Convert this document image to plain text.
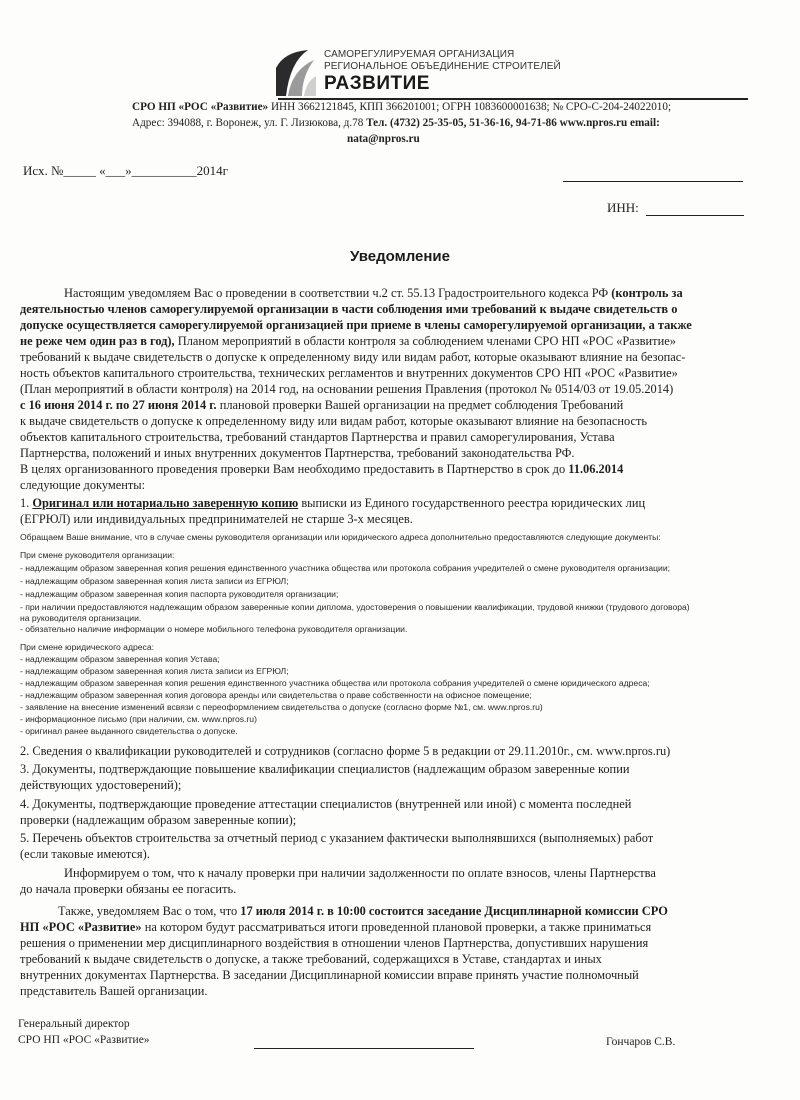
САМОРЕГУЛИРУЕМАЯ ОРГАНИЗАЦИЯ
РЕГИОНАЛЬНОЕ ОБЪЕДИНЕНИЕ СТРОИТЕЛЕЙ
РАЗВИТИЕ
СРО НП «РОС «Развитие» ИНН 3662121845, КПП 366201001; ОГРН 1083600001638; № СРО-С-204-24022010;
Адрес: 394088, г. Воронеж, ул. Г. Лизюкова, д.78 Тел. (4732) 25-35-05, 51-36-16, 94-71-86 www.npros.ru email:
nata@npros.ru
Исх. №_____ «___»__________2014г
ИНН:
Уведомление
Настоящим уведомляем Вас о проведении в соответствии ч.2 ст. 55.13 Градостроительного кодекса РФ (контроль за
деятельностью членов саморегулируемой организации в части соблюдения ими требований к выдаче свидетельств о
допуске осуществляется саморегулируемой организацией при приеме в члены саморегулируемой организации, а также
не реже чем один раз в год), Планом мероприятий в области контроля за соблюдением членами СРО НП «РОС «Развитие»
требований к выдаче свидетельств о допуске к определенному виду или видам работ, которые оказывают влияние на безопас-
ность объектов капитального строительства, технических регламентов и внутренних документов СРО НП «РОС «Развитие»
(План мероприятий в области контроля) на 2014 год, на основании решения Правления (протокол № 0514/03 от 19.05.2014)
с 16 июня 2014 г. по 27 июня 2014 г. плановой проверки Вашей организации на предмет соблюдения Требований
к выдаче свидетельств о допуске к определенному виду или видам работ, которые оказывают влияние на безопасность
объектов капитального строительства, требований стандартов Партнерства и правил саморегулирования, Устава
Партнерства, положений и иных внутренних документов Партнерства, требований законодательства РФ.
В целях организованного проведения проверки Вам необходимо предоставить в Партнерство в срок до 11.06.2014
следующие документы:
1. Оригинал или нотариально заверенную копию выписки из Единого государственного реестра юридических лиц
(ЕГРЮЛ) или индивидуальных предпринимателей не старше 3-х месяцев.
Обращаем Ваше внимание, что в случае смены руководителя организации или юридического адреса дополнительно предоставляются следующие документы:
При смене руководителя организации:
- надлежащим образом заверенная копия решения единственного участника общества или протокола собрания учредителей о смене руководителя организации;
- надлежащим образом заверенная копия листа записи из ЕГРЮЛ;
- надлежащим образом заверенная копия паспорта руководителя организации;
- при наличии предоставляются надлежащим образом заверенные копии диплома, удостоверения о повышении квалификации, трудовой книжки (трудового договора)
на руководителя организации.
- обязательно наличие информации о номере мобильного телефона руководителя организации.
При смене юридического адреса:
- надлежащим образом заверенная копия Устава;
- надлежащим образом заверенная копия листа записи из ЕГРЮЛ;
- надлежащим образом заверенная копия решения единственного участника общества или протокола собрания учредителей о смене юридического адреса;
- надлежащим образом заверенная копия договора аренды или свидетельства о праве собственности на офисное помещение;
- заявление на внесение изменений всвязи с переоформлением свидетельства о допуске (согласно форме №1, см. www.npros.ru)
- информационное письмо (при наличии, см. www.npros.ru)
- оригинал ранее выданного свидетельства о допуске.
2. Сведения о квалификации руководителей и сотрудников (согласно форме 5 в редакции от 29.11.2010г., см. www.npros.ru)
3. Документы, подтверждающие повышение квалификации специалистов (надлежащим образом заверенные копии
действующих удостоверений);
4. Документы, подтверждающие проведение аттестации специалистов (внутренней или иной) с момента последней
проверки (надлежащим образом заверенные копии);
5. Перечень объектов строительства за отчетный период с указанием фактически выполнявшихся (выполняемых) работ
(если таковые имеются).
Информируем о том, что к началу проверки при наличии задолженности по оплате взносов, члены Партнерства
до начала проверки обязаны ее погасить.
Также, уведомляем Вас о том, что 17 июля 2014 г. в 10:00 состоится заседание Дисциплинарной комиссии СРО
НП «РОС «Развитие» на котором будут рассматриваться итоги проведенной плановой проверки, а также приниматься
решения о применении мер дисциплинарного воздействия в отношении членов Партнерства, допустивших нарушения
требований к выдаче свидетельств о допуске, а также требований, содержащихся в Уставе, стандартах и иных
внутренних документах Партнерства. В заседании Дисциплинарной комиссии вправе принять участие полномочный
представитель Вашей организации.
Генеральный директор
СРО НП «РОС «Развитие»	Гончаров С.В.
